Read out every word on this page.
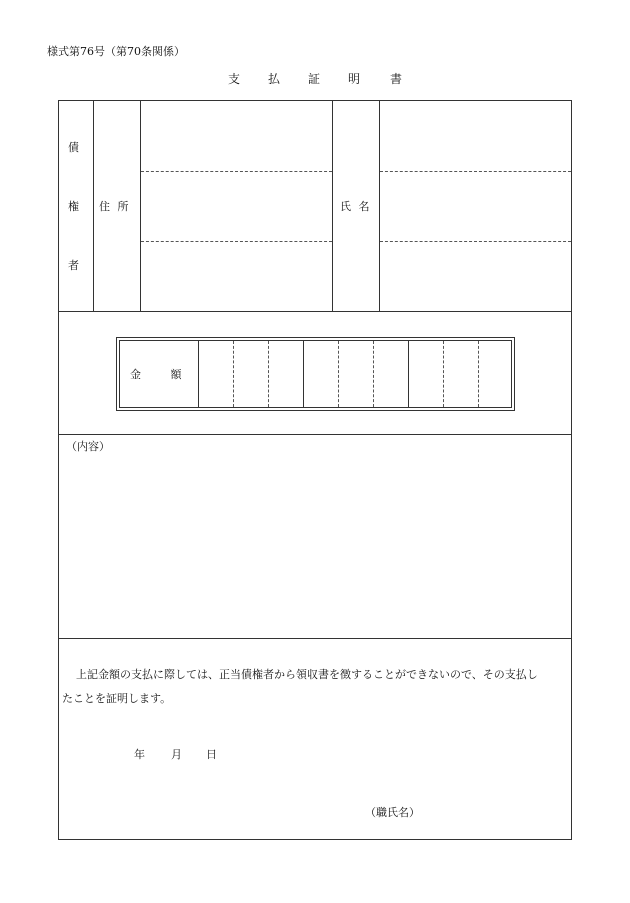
様式第76号（第70条関係）
支 払 証 明 書
債
権
者
住 所	氏 名
金 額
（内容）
上記金額の支払に際しては、正当債権者から領収書を徴することができないので、その支払し
たことを証明します。
年 月 日
（職氏名）
